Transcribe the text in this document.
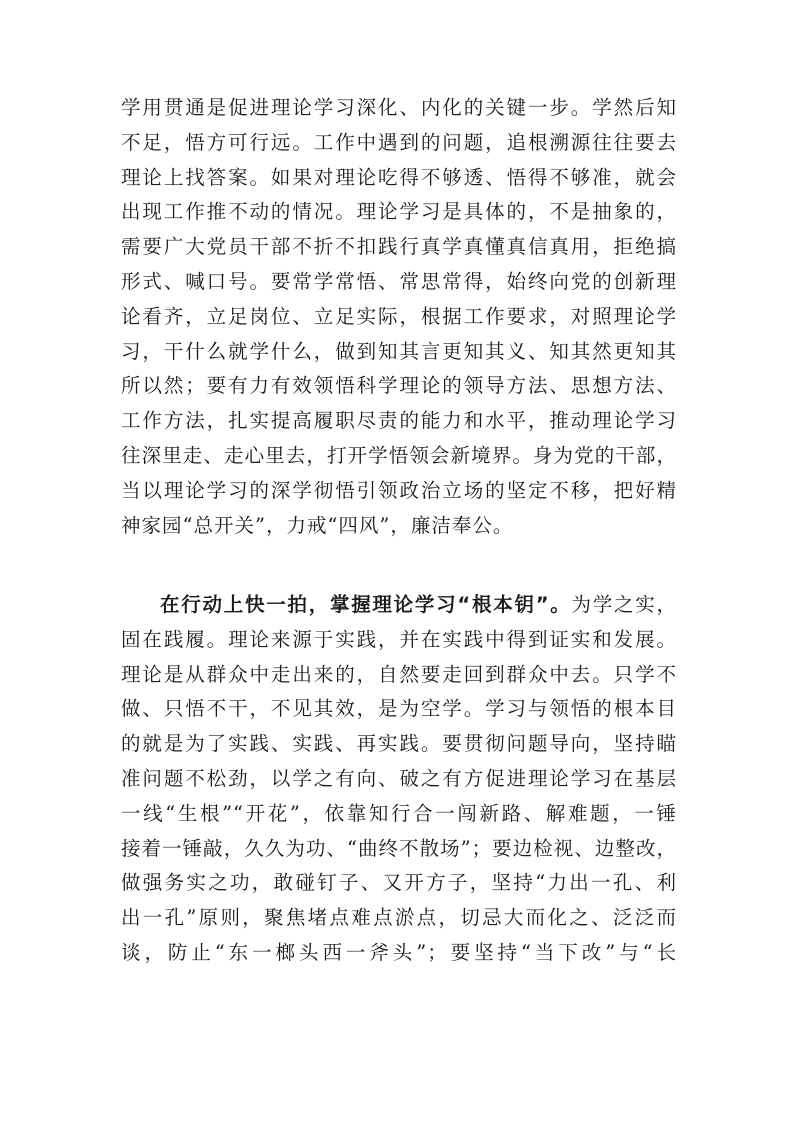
学用贯通是促进理论学习深化、内化的关键一步。学然后知
不足，悟方可行远。工作中遇到的问题，追根溯源往往要去
理论上找答案。如果对理论吃得不够透、悟得不够准，就会
出现工作推不动的情况。理论学习是具体的，不是抽象的，
需要广大党员干部不折不扣践行真学真懂真信真用，拒绝搞
形式、喊口号。要常学常悟、常思常得，始终向党的创新理
论看齐，立足岗位、立足实际，根据工作要求，对照理论学
习，干什么就学什么，做到知其言更知其义、知其然更知其
所以然；要有力有效领悟科学理论的领导方法、思想方法、
工作方法，扎实提高履职尽责的能力和水平，推动理论学习
往深里走、走心里去，打开学悟领会新境界。身为党的干部，
当以理论学习的深学彻悟引领政治立场的坚定不移，把好精
神家园“总开关”，力戒“四风”，廉洁奉公。
在行动上快一拍，掌握理论学习“根本钥”。为学之实，
固在践履。理论来源于实践，并在实践中得到证实和发展。
理论是从群众中走出来的，自然要走回到群众中去。只学不
做、只悟不干，不见其效，是为空学。学习与领悟的根本目
的就是为了实践、实践、再实践。要贯彻问题导向，坚持瞄
准问题不松劲，以学之有向、破之有方促进理论学习在基层
一线“生根”“开花”，依靠知行合一闯新路、解难题，一锤
接着一锤敲，久久为功、“曲终不散场”；要边检视、边整改，
做强务实之功，敢碰钉子、又开方子，坚持“力出一孔、利
出一孔”原则，聚焦堵点难点淤点，切忌大而化之、泛泛而
谈，防止“东一榔头西一斧头”；要坚持“当下改”与“长
